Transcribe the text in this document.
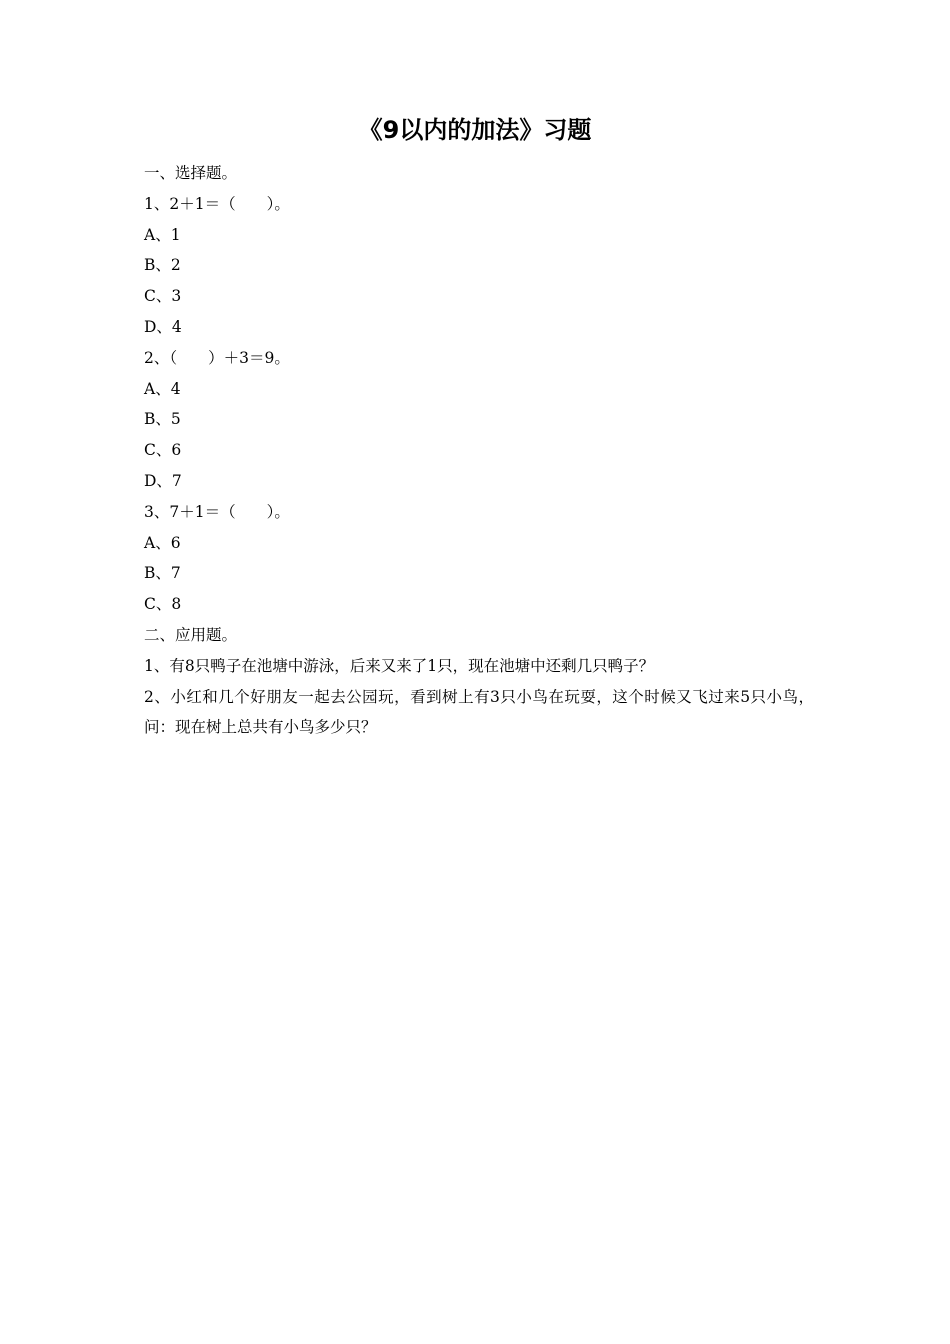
《9以内的加法》习题
一、选择题。
1、2＋1＝（　　）。
A、1
B、2
C、3
D、4
2、（　　）＋3＝9。
A、4
B、5
C、6
D、7
3、7＋1＝（　　）。
A、6
B、7
C、8
二、应用题。
1、有8只鸭子在池塘中游泳，后来又来了1只，现在池塘中还剩几只鸭子？
2、小红和几个好朋友一起去公园玩，看到树上有3只小鸟在玩耍，这个时候又飞过来5只小鸟，问：现在树上总共有小鸟多少只？
